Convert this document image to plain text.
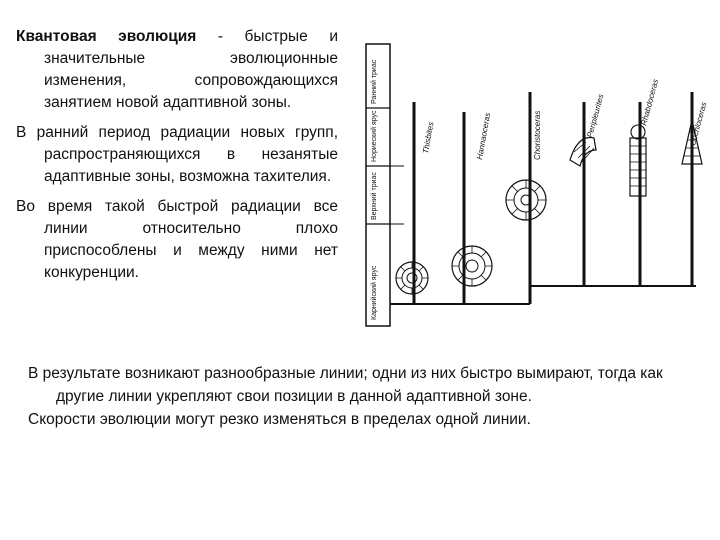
Квантовая эволюция - быстрые и значительные эволюционные изменения, сопровождающихся занятием новой адаптивной зоны.

В ранний период радиации новых групп, распространяющихся в незанятые адаптивные зоны, возможна тахителия.

Во время такой быстрой радиации все линии относительно плохо приспособлены и между ними нет конкуренции.

Ранний триас
Нориеский ярус
Верхний триас
Карнийский ярус
Thisbites	Hannaoceras	Choristoceras	Peripleurites	Rhabdoceras	Cochloceras

В результате возникают разнообразные линии; одни из них быстро вымирают, тогда как другие линии укрепляют свои позиции в данной адаптивной зоне.

Скорости эволюции могут резко изменяться в пределах одной линии.
